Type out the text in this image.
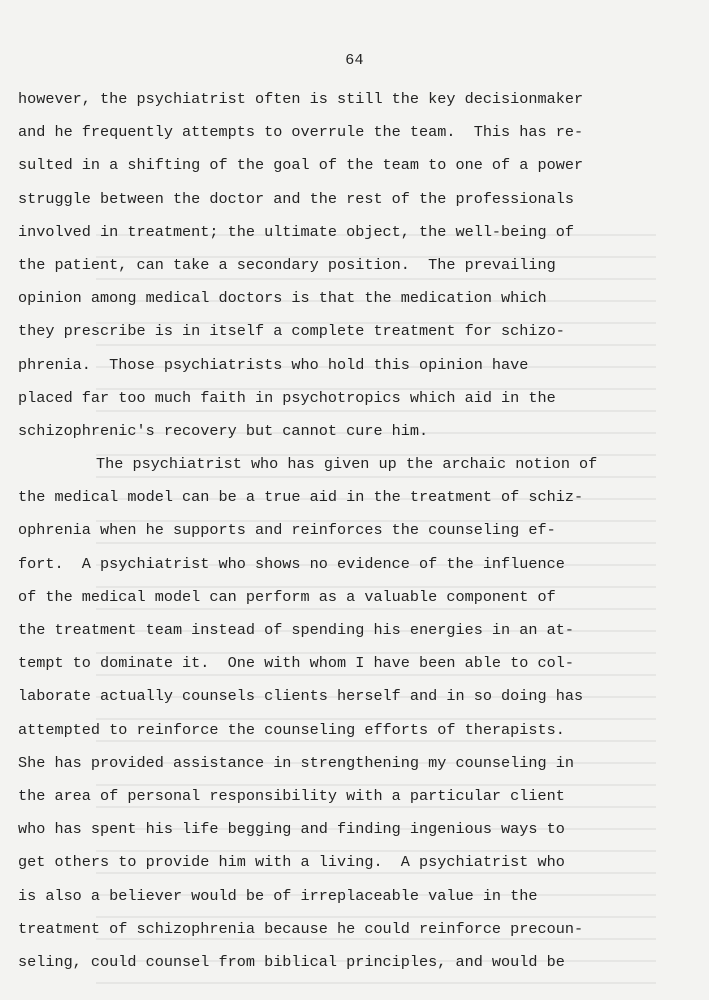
64
however, the psychiatrist often is still the key decisionmaker
and he frequently attempts to overrule the team.  This has re-
sulted in a shifting of the goal of the team to one of a power
struggle between the doctor and the rest of the professionals
involved in treatment; the ultimate object, the well-being of
the patient, can take a secondary position.  The prevailing
opinion among medical doctors is that the medication which
they prescribe is in itself a complete treatment for schizo-
phrenia.  Those psychiatrists who hold this opinion have
placed far too much faith in psychotropics which aid in the
schizophrenic's recovery but cannot cure him.
The psychiatrist who has given up the archaic notion of
the medical model can be a true aid in the treatment of schiz-
ophrenia when he supports and reinforces the counseling ef-
fort.  A psychiatrist who shows no evidence of the influence
of the medical model can perform as a valuable component of
the treatment team instead of spending his energies in an at-
tempt to dominate it.  One with whom I have been able to col-
laborate actually counsels clients herself and in so doing has
attempted to reinforce the counseling efforts of therapists.
She has provided assistance in strengthening my counseling in
the area of personal responsibility with a particular client
who has spent his life begging and finding ingenious ways to
get others to provide him with a living.  A psychiatrist who
is also a believer would be of irreplaceable value in the
treatment of schizophrenia because he could reinforce precoun-
seling, could counsel from biblical principles, and would be
